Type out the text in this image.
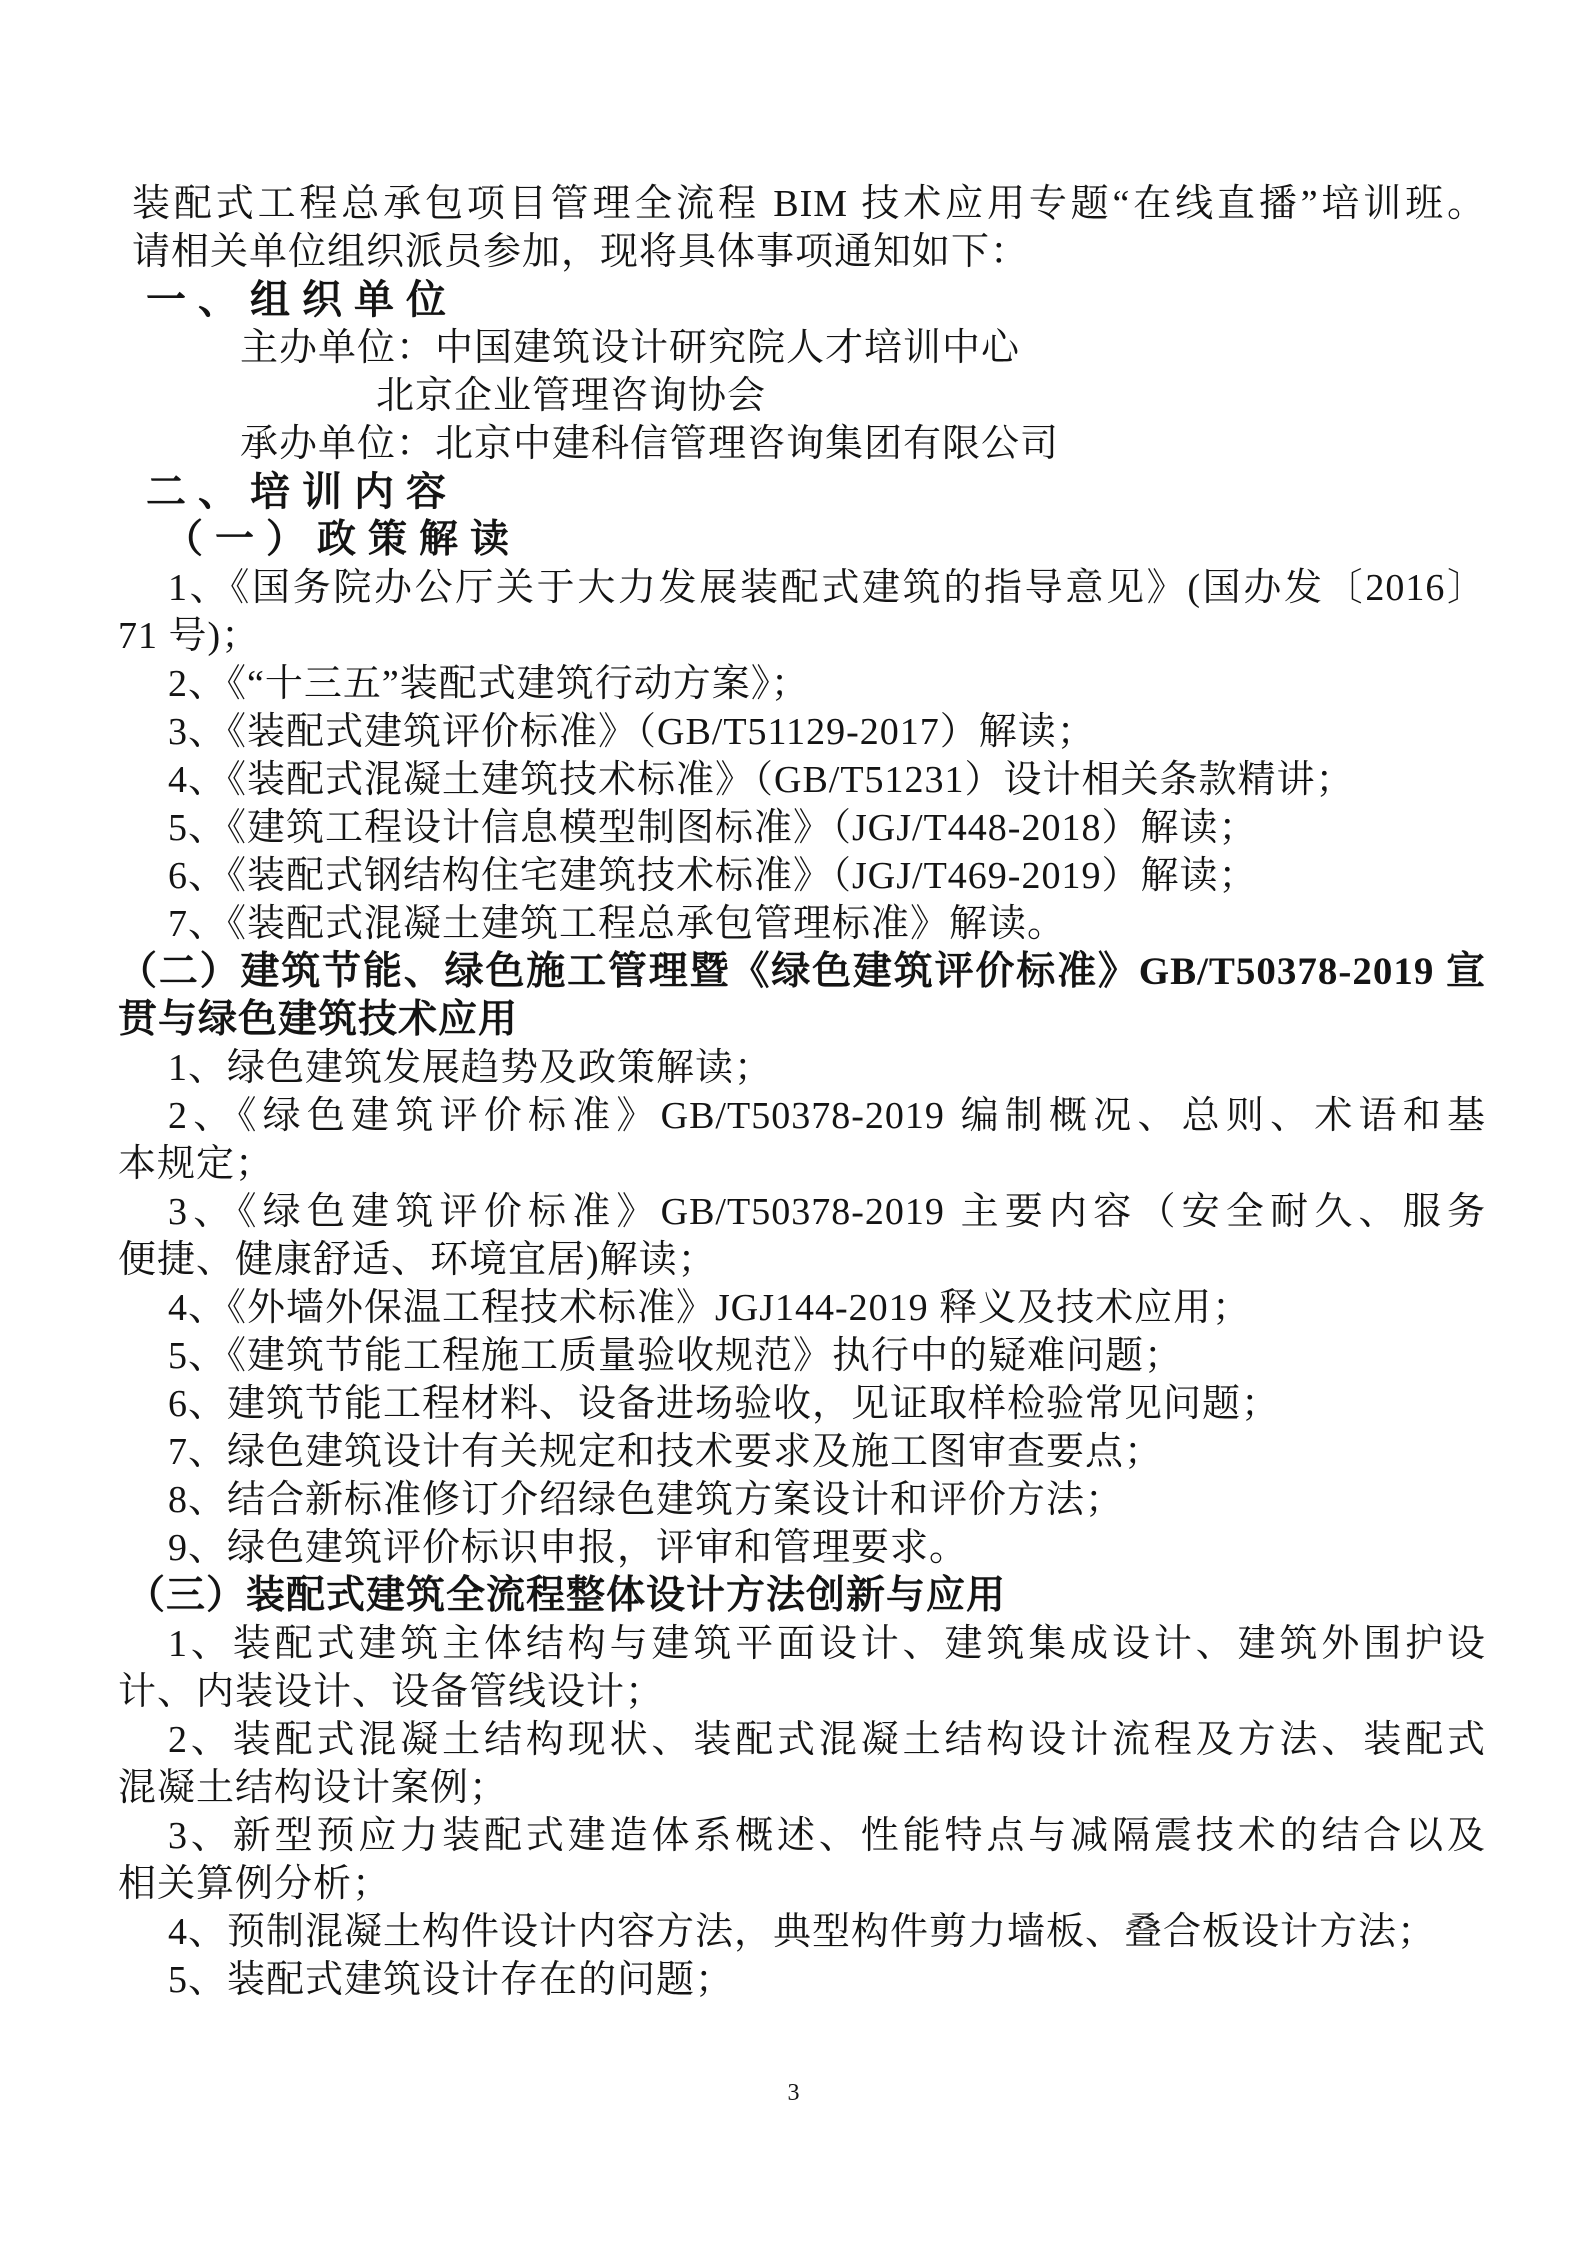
装配式工程总承包项目管理全流程 BIM 技术应用专题“在线直播”培训班。
请相关单位组织派员参加，现将具体事项通知如下：
一、组织单位
主办单位：中国建筑设计研究院人才培训中心
北京企业管理咨询协会
承办单位：北京中建科信管理咨询集团有限公司
二、培训内容
（一）政策解读
1、《国务院办公厅关于大力发展装配式建筑的指导意见》(国办发〔2016〕
71 号)；
2、《“十三五”装配式建筑行动方案》；
3、《装配式建筑评价标准》（GB/T51129-2017）解读；
4、《装配式混凝土建筑技术标准》（GB/T51231）设计相关条款精讲；
5、《建筑工程设计信息模型制图标准》（JGJ/T448-2018）解读；
6、《装配式钢结构住宅建筑技术标准》（JGJ/T469-2019）解读；
7、《装配式混凝土建筑工程总承包管理标准》解读。
（二）建筑节能、绿色施工管理暨《绿色建筑评价标准》GB/T50378-2019 宣
贯与绿色建筑技术应用
1、绿色建筑发展趋势及政策解读；
2、《绿色建筑评价标准》GB/T50378-2019 编制概况、总则、术语和基
本规定；
3、《绿色建筑评价标准》GB/T50378-2019 主要内容（安全耐久、服务
便捷、健康舒适、环境宜居)解读；
4、《外墙外保温工程技术标准》JGJ144-2019 释义及技术应用；
5、《建筑节能工程施工质量验收规范》执行中的疑难问题；
6、建筑节能工程材料、设备进场验收，见证取样检验常见问题；
7、绿色建筑设计有关规定和技术要求及施工图审查要点；
8、结合新标准修订介绍绿色建筑方案设计和评价方法；
9、绿色建筑评价标识申报，评审和管理要求。
（三）装配式建筑全流程整体设计方法创新与应用
1、装配式建筑主体结构与建筑平面设计、建筑集成设计、建筑外围护设
计、内装设计、设备管线设计；
2、装配式混凝土结构现状、装配式混凝土结构设计流程及方法、装配式
混凝土结构设计案例；
3、新型预应力装配式建造体系概述、性能特点与减隔震技术的结合以及
相关算例分析；
4、预制混凝土构件设计内容方法，典型构件剪力墙板、叠合板设计方法；
5、装配式建筑设计存在的问题；
3
